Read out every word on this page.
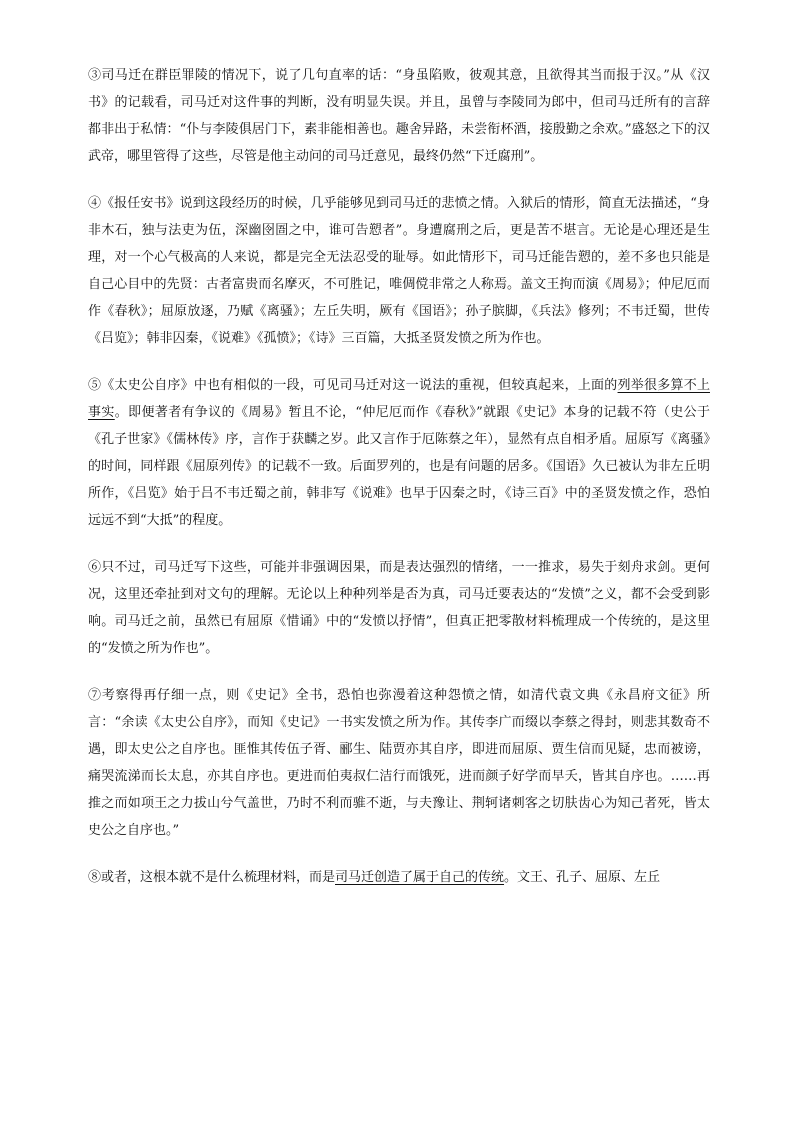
③司马迁在群臣罪陵的情况下，说了几句直率的话：“身虽陷败，彼观其意，且欲得其当而报于汉。”从《汉书》的记载看，司马迁对这件事的判断，没有明显失误。并且，虽曾与李陵同为郎中，但司马迁所有的言辞都非出于私情：“仆与李陵俱居门下，素非能相善也。趣舍异路，未尝衔杯酒，接殷勤之余欢。”盛怒之下的汉武帝，哪里管得了这些，尽管是他主动问的司马迁意见，最终仍然“下迁腐刑”。

④《报任安书》说到这段经历的时候，几乎能够见到司马迁的悲愤之情。入狱后的情形，简直无法描述，“身非木石，独与法吏为伍，深幽囹圄之中，谁可告愬者”。身遭腐刑之后，更是苦不堪言。无论是心理还是生理，对一个心气极高的人来说，都是完全无法忍受的耻辱。如此情形下，司马迁能告愬的，差不多也只能是自己心目中的先贤：古者富贵而名摩灭，不可胜记，唯倜傥非常之人称焉。盖文王拘而演《周易》；仲尼厄而作《春秋》；屈原放逐，乃赋《离骚》；左丘失明，厥有《国语》；孙子膑脚，《兵法》修列；不韦迁蜀，世传《吕览》；韩非囚秦，《说难》《孤愤》；《诗》三百篇，大抵圣贤发愤之所为作也。

⑤《太史公自序》中也有相似的一段，可见司马迁对这一说法的重视，但较真起来，上面的列举很多算不上事实。即便著者有争议的《周易》暂且不论，“仲尼厄而作《春秋》”就跟《史记》本身的记载不符（史公于《孔子世家》《儒林传》序，言作于获麟之岁。此又言作于厄陈蔡之年），显然有点自相矛盾。屈原写《离骚》的时间，同样跟《屈原列传》的记载不一致。后面罗列的，也是有问题的居多。《国语》久已被认为非左丘明所作，《吕览》始于吕不韦迁蜀之前，韩非写《说难》也早于囚秦之时，《诗三百》中的圣贤发愤之作，恐怕远远不到“大抵”的程度。

⑥只不过，司马迁写下这些，可能并非强调因果，而是表达强烈的情绪，一一推求，易失于刻舟求剑。更何况，这里还牵扯到对文句的理解。无论以上种种列举是否为真，司马迁要表达的“发愤”之义，都不会受到影响。司马迁之前，虽然已有屈原《惜诵》中的“发愤以抒情”，但真正把零散材料梳理成一个传统的，是这里的“发愤之所为作也”。

⑦考察得再仔细一点，则《史记》全书，恐怕也弥漫着这种怨愤之情，如清代袁文典《永昌府文征》所言：“余读《太史公自序》，而知《史记》一书实发愤之所为作。其传李广而缀以李蔡之得封，则悲其数奇不遇，即太史公之自序也。匪惟其传伍子胥、郦生、陆贾亦其自序，即进而屈原、贾生信而见疑，忠而被谤，痛哭流涕而长太息，亦其自序也。更进而伯夷叔仁洁行而饿死，进而颜子好学而早夭，皆其自序也。……再推之而如项王之力拔山兮气盖世，乃时不利而骓不逝，与夫豫让、荆轲诸刺客之切肤齿心为知己者死，皆太史公之自序也。”

⑧或者，这根本就不是什么梳理材料，而是司马迁创造了属于自己的传统。文王、孔子、屈原、左丘
